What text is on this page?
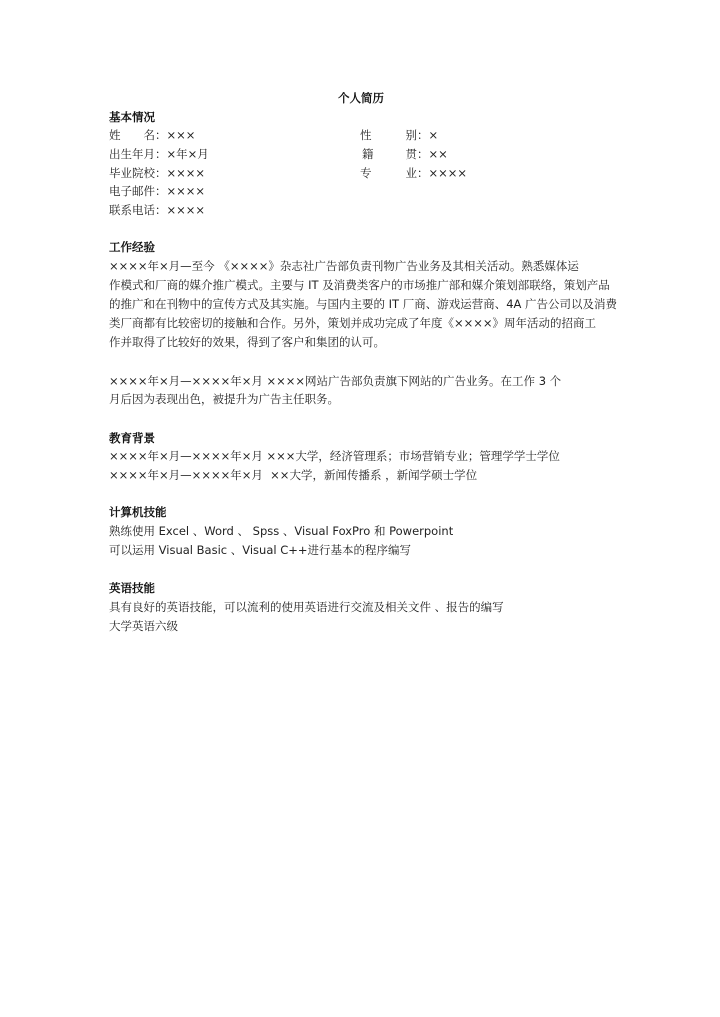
个人简历
基本情况
姓名：×××
出生年月：×年×月
毕业院校：××××
电子邮件：××××
联系电话：××××
性别：×
籍贯：××
专业：××××
工作经验
××××年×月—至今 《××××》杂志社广告部负责刊物广告业务及其相关活动。熟悉媒体运
作模式和厂商的媒介推广模式。主要与 IT 及消费类客户的市场推广部和媒介策划部联络，策划产品
的推广和在刊物中的宣传方式及其实施。与国内主要的 IT 厂商、游戏运营商、4A 广告公司以及消费
类厂商都有比较密切的接触和合作。另外，策划并成功完成了年度《××××》周年活动的招商工
作并取得了比较好的效果，得到了客户和集团的认可。
××××年×月—××××年×月 ××××网站广告部负责旗下网站的广告业务。在工作 3 个
月后因为表现出色，被提升为广告主任职务。
教育背景
××××年×月—××××年×月 ×××大学，经济管理系；市场营销专业；管理学学士学位
××××年×月—××××年×月  ××大学，新闻传播系 ，新闻学硕士学位
计算机技能
熟练使用 Excel 、Word 、 Spss 、Visual FoxPro 和 Powerpoint
可以运用 Visual Basic 、Visual C++进行基本的程序编写
英语技能
具有良好的英语技能，可以流利的使用英语进行交流及相关文件 、报告的编写
大学英语六级
